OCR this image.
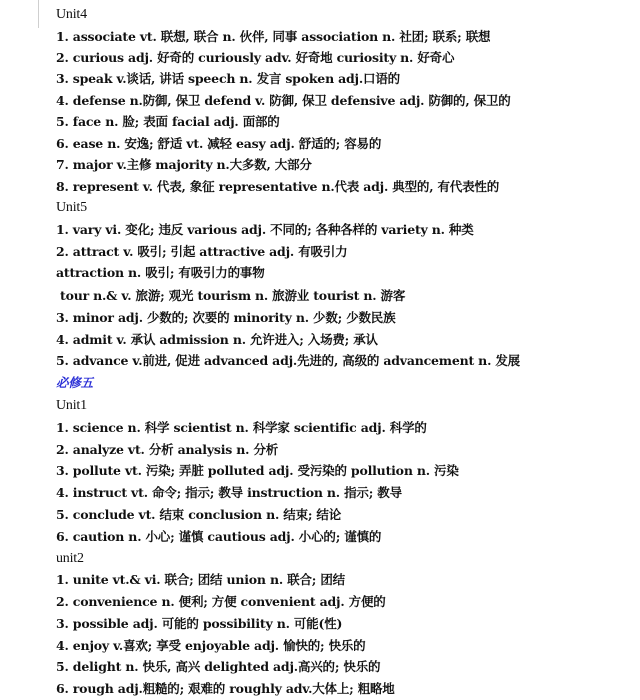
Unit4
1. associate vt. 联想, 联合 n. 伙伴, 同事 association n. 社团; 联系; 联想
2. curious adj. 好奇的 curiously adv. 好奇地 curiosity n. 好奇心
3. speak v.谈话, 讲话 speech n. 发言 spoken adj.口语的
4. defense n.防御, 保卫 defend v. 防御, 保卫 defensive adj. 防御的, 保卫的
5. face n. 脸; 表面 facial adj. 面部的
6. ease n. 安逸; 舒适 vt. 减轻 easy adj. 舒适的; 容易的
7. major v.主修 majority n.大多数, 大部分
8. represent v. 代表, 象征 representative n.代表 adj. 典型的, 有代表性的
Unit5
1. vary vi. 变化; 违反 various adj. 不同的; 各种各样的 variety n. 种类
2. attract v. 吸引; 引起 attractive adj. 有吸引力
attraction n. 吸引; 有吸引力的事物
tour n.& v. 旅游; 观光 tourism n. 旅游业 tourist n. 游客
3. minor adj. 少数的; 次要的 minority n. 少数; 少数民族
4. admit v. 承认 admission n. 允许进入; 入场费; 承认
5. advance v.前进, 促进 advanced adj.先进的, 高级的 advancement n. 发展
必修五
Unit1
1. science n. 科学 scientist n. 科学家 scientific adj. 科学的
2. analyze vt. 分析 analysis n. 分析
3. pollute vt. 污染; 弄脏 polluted adj. 受污染的 pollution n. 污染
4. instruct vt. 命令; 指示; 教导 instruction n. 指示; 教导
5. conclude vt. 结束 conclusion n. 结束; 结论
6. caution n. 小心; 谨慎 cautious adj. 小心的; 谨慎的
unit2
1. unite vt.& vi. 联合; 团结 union n. 联合; 团结
2. convenience n. 便利; 方便 convenient adj. 方便的
3. possible adj. 可能的 possibility n. 可能(性)
4. enjoy v.喜欢; 享受 enjoyable adj. 愉快的; 快乐的
5. delight n. 快乐, 高兴 delighted adj.高兴的; 快乐的
6. rough adj.粗糙的; 艰难的 roughly adv.大体上; 粗略地
